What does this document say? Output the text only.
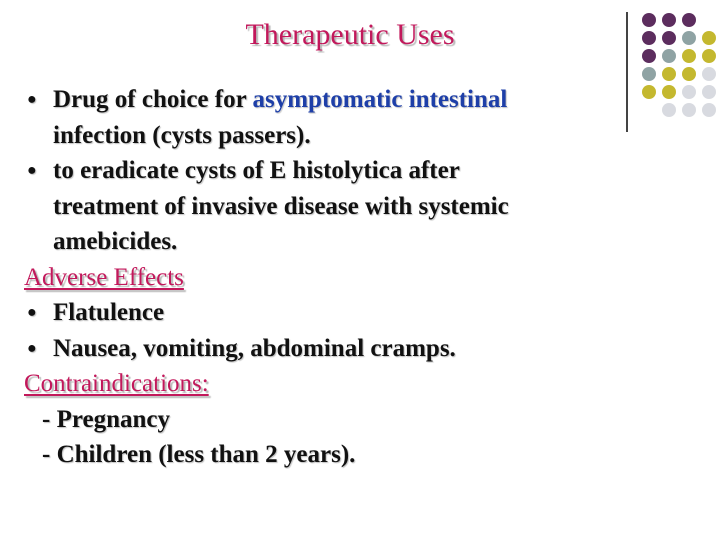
Therapeutic Uses
● Drug of choice for asymptomatic intestinal
infection (cysts passers).
● to eradicate cysts of E histolytica after
treatment of invasive disease with systemic
amebicides.
Adverse Effects
● Flatulence
● Nausea, vomiting, abdominal cramps.
Contraindications:
- Pregnancy
- Children (less than 2 years).
